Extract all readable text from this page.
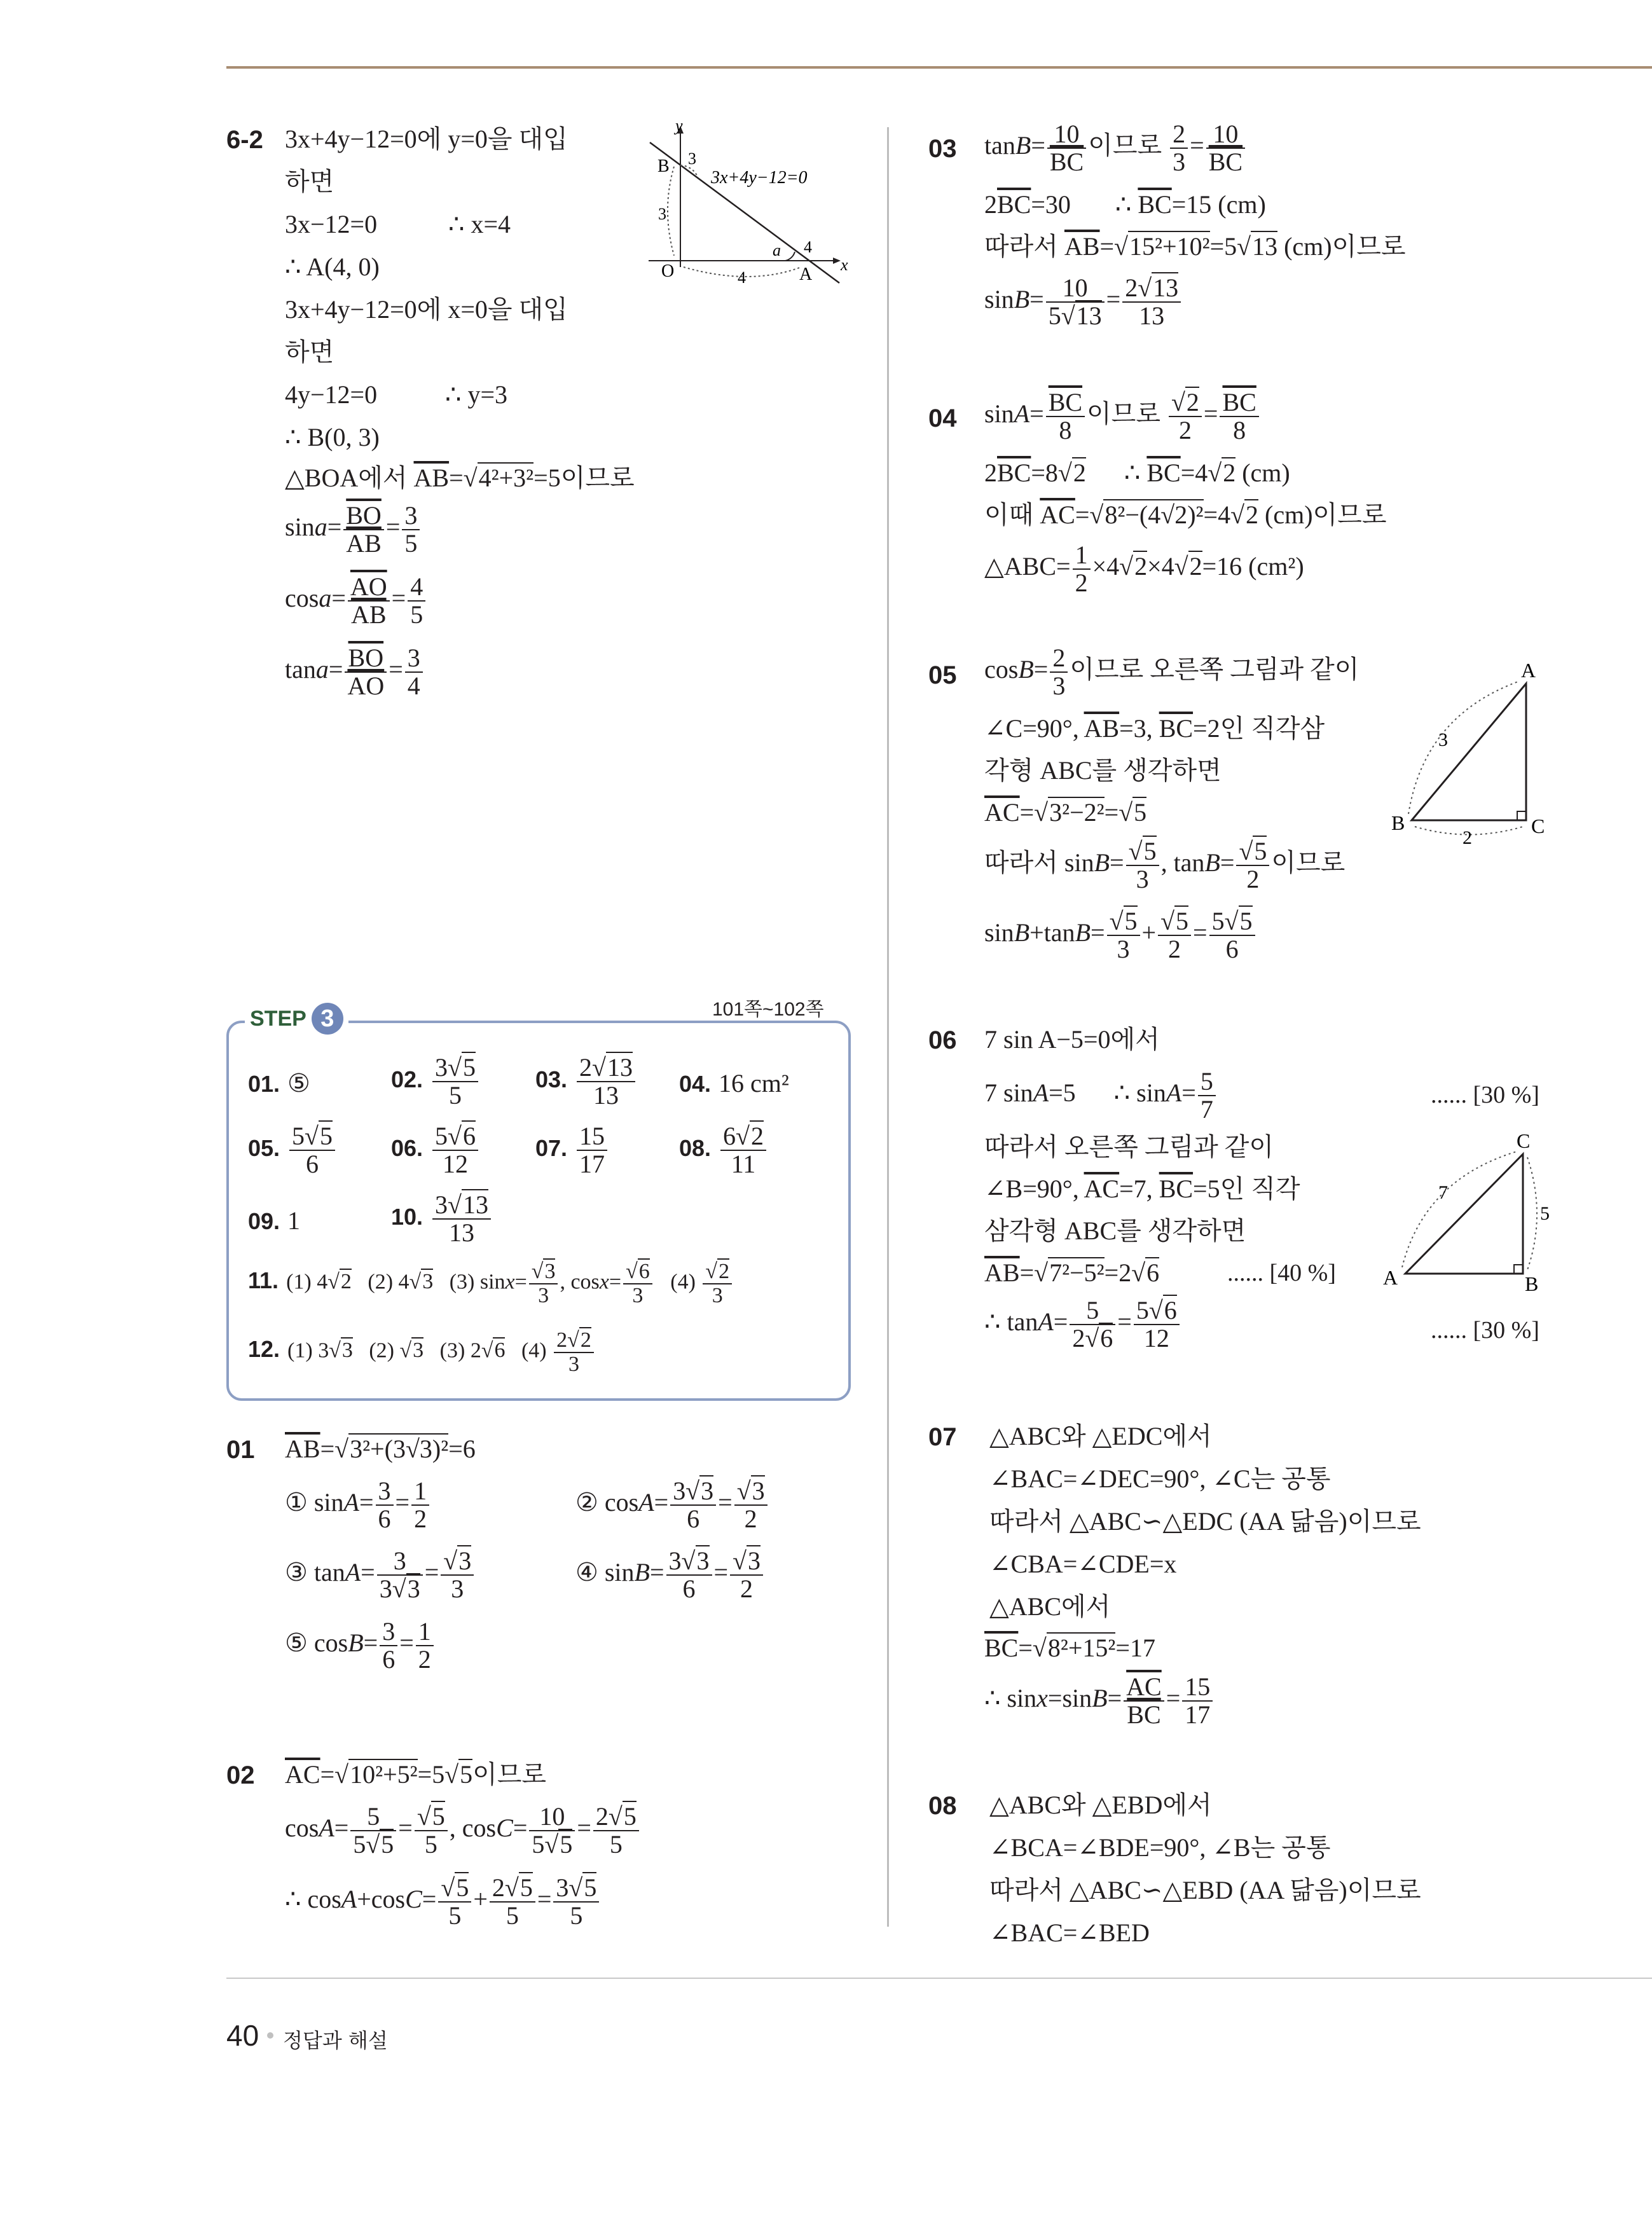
6-2 3x+4y−12=0에 y=0을 대입
하면
3x−12=0	∴ x=4
∴ A(4, 0)
3x+4y−12=0에 x=0을 대입
하면
4y−12=0	∴ y=3
∴ B(0, 3)
△BOA에서 $\overline{AB}=√4^2+3^2=5$이므로
$\sin a= \frac{\overline{BO}}{AB} = \frac{3}{5}$
$\cos a= \frac{\overline{AO}}{AB} = \frac{4}{5}$
$\tan a= \frac{\overline{BO}}{AO} = \frac{3}{4}$
y
x
B
O	A
3
3
4
4
a
3x+4y−12=0
STEP 3	101쪽~102쪽
01. ⑤	02. $\frac{3√5}{5}$	03. $\frac{2√13}{13} 04$. 16 cm²
05. $\frac{5√5}{6} 06$. $\frac{5√6}{12}$	07. $\frac{15}{17}$	08. $\frac{6√2}{11}$
09. 1	10. $\frac{3√13}{13}$
11. (1) 4√2   (2) 4√3   (3) $\sin x= \frac{√3}{3}$ , $\cos x= \frac{√6}{3} (4) \frac{√2}{3}$
12. (1) 3√3   (2) √3   (3) 2√6   $(4) \frac{2√2}{3}$
01 $\overline{AB}=√3^2+(3√3)^2=6$
① $\sin A= \frac{3}{6} = \frac{1}{2}$	② $\cos A= \frac{3√3}{6} = \frac{√3}{2}$
③ $\tan A= \frac{3}{3√3} = \frac{√3}{3}$	④ $\sin B= \frac{3√3}{6} = \frac{√3}{2}$
⑤ $\cos B= \frac{3}{6} = \frac{1}{2}$
02 $\overline{AC}=√10^2+5^2=5√5$이므로
$\cos A= \frac{5}{5√5} = \frac{√5}{5}$ , $\cos C= \frac{10}{5√5} = \frac{2√5}{5}$
∴ $\cos A+\cos C= \frac{√5}{5} + \frac{2√5}{5} = \frac{3√5}{5}$
03 $\tan B= \frac{10}{BC}$ 이므로 $\frac{2}{3} = \frac{10}{BC}$
$2\overline{BC}=30$       ∴ $\overline{BC}=15$ (cm)
따라서 $\overline{AB}=√15^2+10^2=5√13$ (cm)이므로
$\sin B= \frac{10}{5√13} = \frac{2√13}{13}$
04 $\sin A= \frac{\overline{BC}}{8}$ 이므로 $\frac{√2}{2} = \frac{\overline{BC}}{8}$
$2\overline{BC}=8√2$      ∴ $\overline{BC}=4√2$ (cm)
이때 $\overline{AC}=√8^2-(4√2)^2=4√2$ (cm)이므로
△ABC= $\frac{1}{2} \times 4√2\times 4√2=16$ (cm²)
05 $\cos B= \frac{2}{3}$ 이므로 오른쪽 그림과 같이
∠C=90°, $\overline{AB}=3$, $\overline{BC}=2$인 직각삼
각형 ABC를 생각하면
$\overline{AC}=√3^2-2^2=√5$
따라서 $\sin B= \frac{√5}{3}$ , $\tan B= \frac{√5}{2}$ 이므로
$\sin B+\tan B= \frac{√5}{3} + \frac{√5}{2} = \frac{5√5}{6}$
A
B	C
3
2
06 7 sin A−5=0에서
7 sinA=5      ∴ $\sin A= \frac{5}{7}$	...... [30 %]
따라서 오른쪽 그림과 같이
∠B=90°, $\overline{AC}=7$, $\overline{BC}=5$인 직각
삼각형 ABC를 생각하면
$\overline{AB}=√7^2-5^2=2√6$	...... [40 %]
∴ $\tan A= \frac{5}{2√6} = \frac{5√6}{12}$	...... [30 %]
C
A	B
7
5
07 △ABC와 △EDC에서
∠BAC=∠DEC=90°, ∠C는 공통
따라서 △ABC∽△EDC (AA 닮음)이므로
∠CBA=∠CDE=x
△ABC에서
$\overline{BC}=√8^2+15^2=17$
∴ $\sin x=\sin B= \frac{\overline{AC}}{BC} = \frac{15}{17}$
08 △ABC와 △EBD에서
∠BCA=∠BDE=90°, ∠B는 공통
따라서 △ABC∽△EBD (AA 닮음)이므로
∠BAC=∠BED
40 정답과 해설
